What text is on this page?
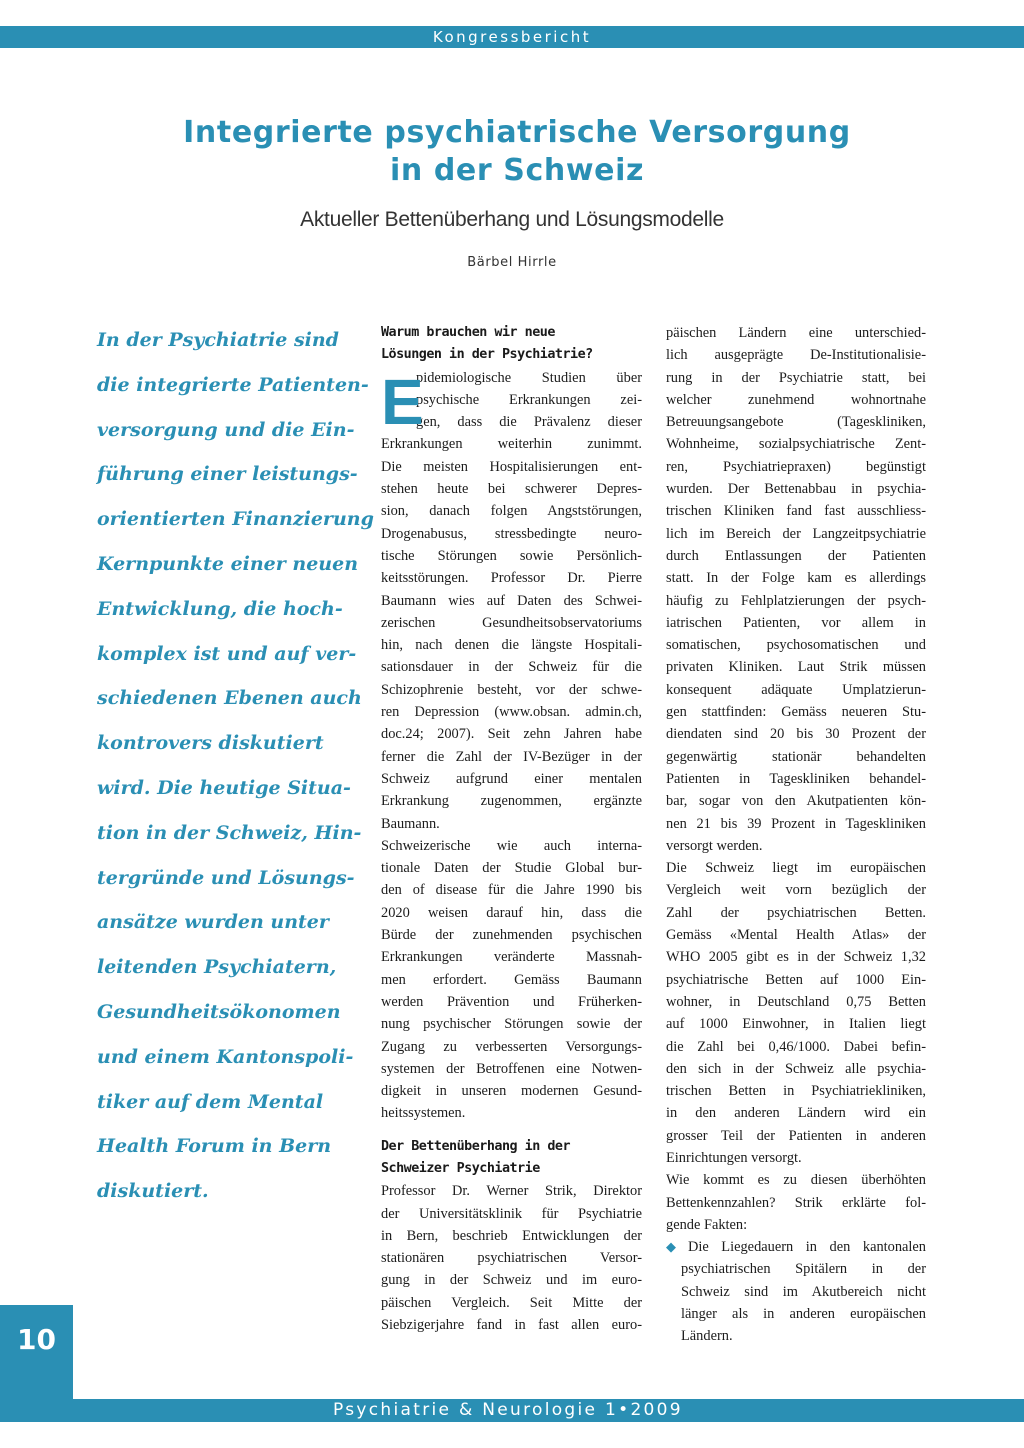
Kongressbericht
Integrierte psychiatrische Versorgung
in der Schweiz
Aktueller Bettenüberhang und Lösungsmodelle
Bärbel Hirrle
In der Psychiatrie sind
die integrierte Patienten-
versorgung und die Ein-
führung einer leistungs-
orientierten Finanzierung
Kernpunkte einer neuen
Entwicklung, die hoch-
komplex ist und auf ver-
schiedenen Ebenen auch
kontrovers diskutiert
wird. Die heutige Situa-
tion in der Schweiz, Hin-
tergründe und Lösungs-
ansätze wurden unter
leitenden Psychiatern,
Gesundheitsökonomen
und einem Kantonspoli-
tiker auf dem Mental
Health Forum in Bern
diskutiert.
Warum brauchen wir neue
Lösungen in der Psychiatrie?
E
pidemiologische Studien über
psychische Erkrankungen zei-
gen, dass die Prävalenz dieser
Erkrankungen weiterhin zunimmt.
Die meisten Hospitalisierungen ent-
stehen heute bei schwerer Depres-
sion, danach folgen Angststörungen,
Drogenabusus, stressbedingte neuro-
tische Störungen sowie Persönlich-
keitsstörungen. Professor Dr. Pierre
Baumann wies auf Daten des Schwei-
zerischen Gesundheitsobservatoriums
hin, nach denen die längste Hospitali-
sationsdauer in der Schweiz für die
Schizophrenie besteht, vor der schwe-
ren Depression (www.obsan. admin.ch,
doc.24; 2007). Seit zehn Jahren habe
ferner die Zahl der IV-Bezüger in der
Schweiz aufgrund einer mentalen
Erkrankung zugenommen, ergänzte
Baumann.
Schweizerische wie auch interna-
tionale Daten der Studie Global bur-
den of disease für die Jahre 1990 bis
2020 weisen darauf hin, dass die
Bürde der zunehmenden psychischen
Erkrankungen veränderte Massnah-
men erfordert. Gemäss Baumann
werden Prävention und Früherken-
nung psychischer Störungen sowie der
Zugang zu verbesserten Versorgungs-
systemen der Betroffenen eine Notwen-
digkeit in unseren modernen Gesund-
heitssystemen.
Der Bettenüberhang in der
Schweizer Psychiatrie
Professor Dr. Werner Strik, Direktor
der Universitätsklinik für Psychiatrie
in Bern, beschrieb Entwicklungen der
stationären psychiatrischen Versor-
gung in der Schweiz und im euro-
päischen Vergleich. Seit Mitte der
Siebzigerjahre fand in fast allen euro-
päischen Ländern eine unterschied-
lich ausgeprägte De-Institutionalisie-
rung in der Psychiatrie statt, bei
welcher zunehmend wohnortnahe
Betreuungsangebote (Tageskliniken,
Wohnheime, sozialpsychiatrische Zent-
ren, Psychiatriepraxen) begünstigt
wurden. Der Bettenabbau in psychia-
trischen Kliniken fand fast ausschliess-
lich im Bereich der Langzeitpsychiatrie
durch Entlassungen der Patienten
statt. In der Folge kam es allerdings
häufig zu Fehlplatzierungen der psych-
iatrischen Patienten, vor allem in
somatischen, psychosomatischen und
privaten Kliniken. Laut Strik müssen
konsequent adäquate Umplatzierun-
gen stattfinden: Gemäss neueren Stu-
diendaten sind 20 bis 30 Prozent der
gegenwärtig stationär behandelten
Patienten in Tageskliniken behandel-
bar, sogar von den Akutpatienten kön-
nen 21 bis 39 Prozent in Tageskliniken
versorgt werden.
Die Schweiz liegt im europäischen
Vergleich weit vorn bezüglich der
Zahl der psychiatrischen Betten.
Gemäss «Mental Health Atlas» der
WHO 2005 gibt es in der Schweiz 1,32
psychiatrische Betten auf 1000 Ein-
wohner, in Deutschland 0,75 Betten
auf 1000 Einwohner, in Italien liegt
die Zahl bei 0,46/1000. Dabei befin-
den sich in der Schweiz alle psychia-
trischen Betten in Psychiatriekliniken,
in den anderen Ländern wird ein
grosser Teil der Patienten in anderen
Einrichtungen versorgt.
Wie kommt es zu diesen überhöhten
Bettenkennzahlen? Strik erklärte fol-
gende Fakten:
◆ Die Liegedauern in den kantonalen
psychiatrischen Spitälern in der
Schweiz sind im Akutbereich nicht
länger als in anderen europäischen
Ländern.
10
Psychiatrie & Neurologie 1•2009
